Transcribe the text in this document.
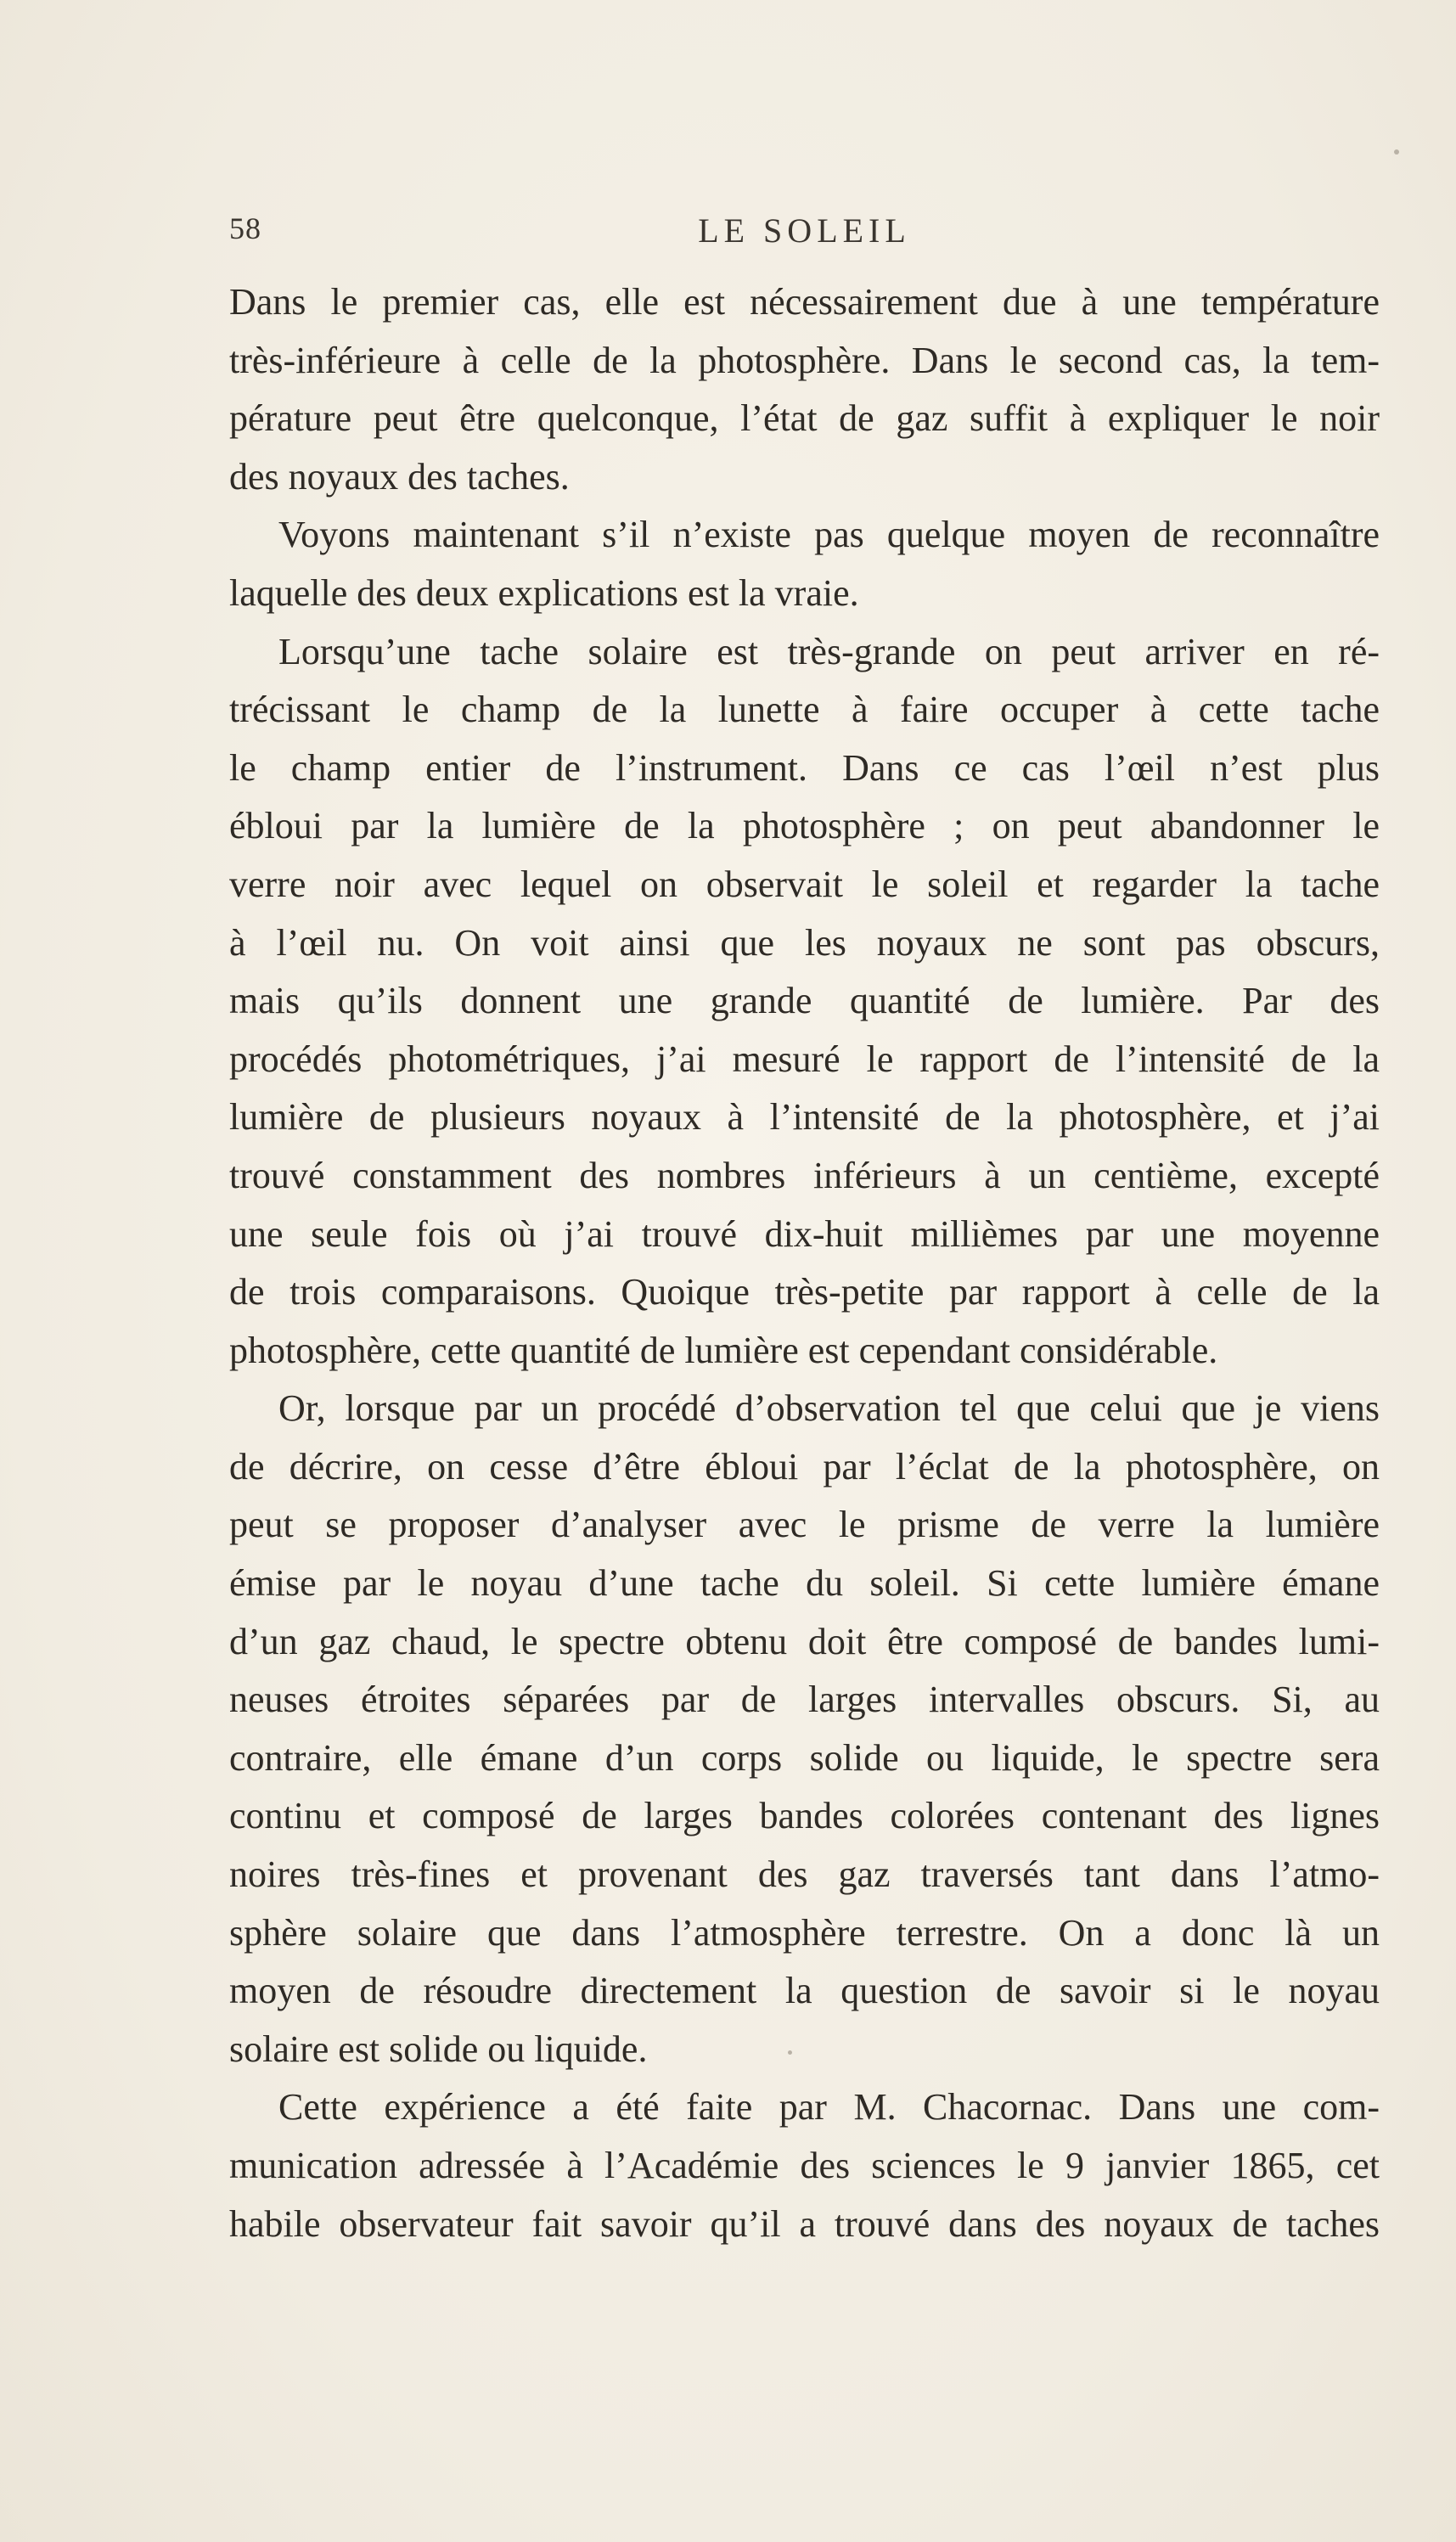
58	LE SOLEIL
Dans le premier cas, elle est nécessairement due à une température
très-inférieure à celle de la photosphère. Dans le second cas, la tem-
pérature peut être quelconque, l’état de gaz suffit à expliquer le noir
des noyaux des taches.
Voyons maintenant s’il n’existe pas quelque moyen de reconnaître
laquelle des deux explications est la vraie.
Lorsqu’une tache solaire est très-grande on peut arriver en ré-
trécissant le champ de la lunette à faire occuper à cette tache
le champ entier de l’instrument. Dans ce cas l’œil n’est plus
ébloui par la lumière de la photosphère ; on peut abandonner le
verre noir avec lequel on observait le soleil et regarder la tache
à l’œil nu. On voit ainsi que les noyaux ne sont pas obscurs,
mais qu’ils donnent une grande quantité de lumière. Par des
procédés photométriques, j’ai mesuré le rapport de l’intensité de la
lumière de plusieurs noyaux à l’intensité de la photosphère, et j’ai
trouvé constamment des nombres inférieurs à un centième, excepté
une seule fois où j’ai trouvé dix-huit millièmes par une moyenne
de trois comparaisons. Quoique très-petite par rapport à celle de la
photosphère, cette quantité de lumière est cependant considérable.
Or, lorsque par un procédé d’observation tel que celui que je viens
de décrire, on cesse d’être ébloui par l’éclat de la photosphère, on
peut se proposer d’analyser avec le prisme de verre la lumière
émise par le noyau d’une tache du soleil. Si cette lumière émane
d’un gaz chaud, le spectre obtenu doit être composé de bandes lumi-
neuses étroites séparées par de larges intervalles obscurs. Si, au
contraire, elle émane d’un corps solide ou liquide, le spectre sera
continu et composé de larges bandes colorées contenant des lignes
noires très-fines et provenant des gaz traversés tant dans l’atmo-
sphère solaire que dans l’atmosphère terrestre. On a donc là un
moyen de résoudre directement la question de savoir si le noyau
solaire est solide ou liquide.
Cette expérience a été faite par M. Chacornac. Dans une com-
munication adressée à l’Académie des sciences le 9 janvier 1865, cet
habile observateur fait savoir qu’il a trouvé dans des noyaux de taches
